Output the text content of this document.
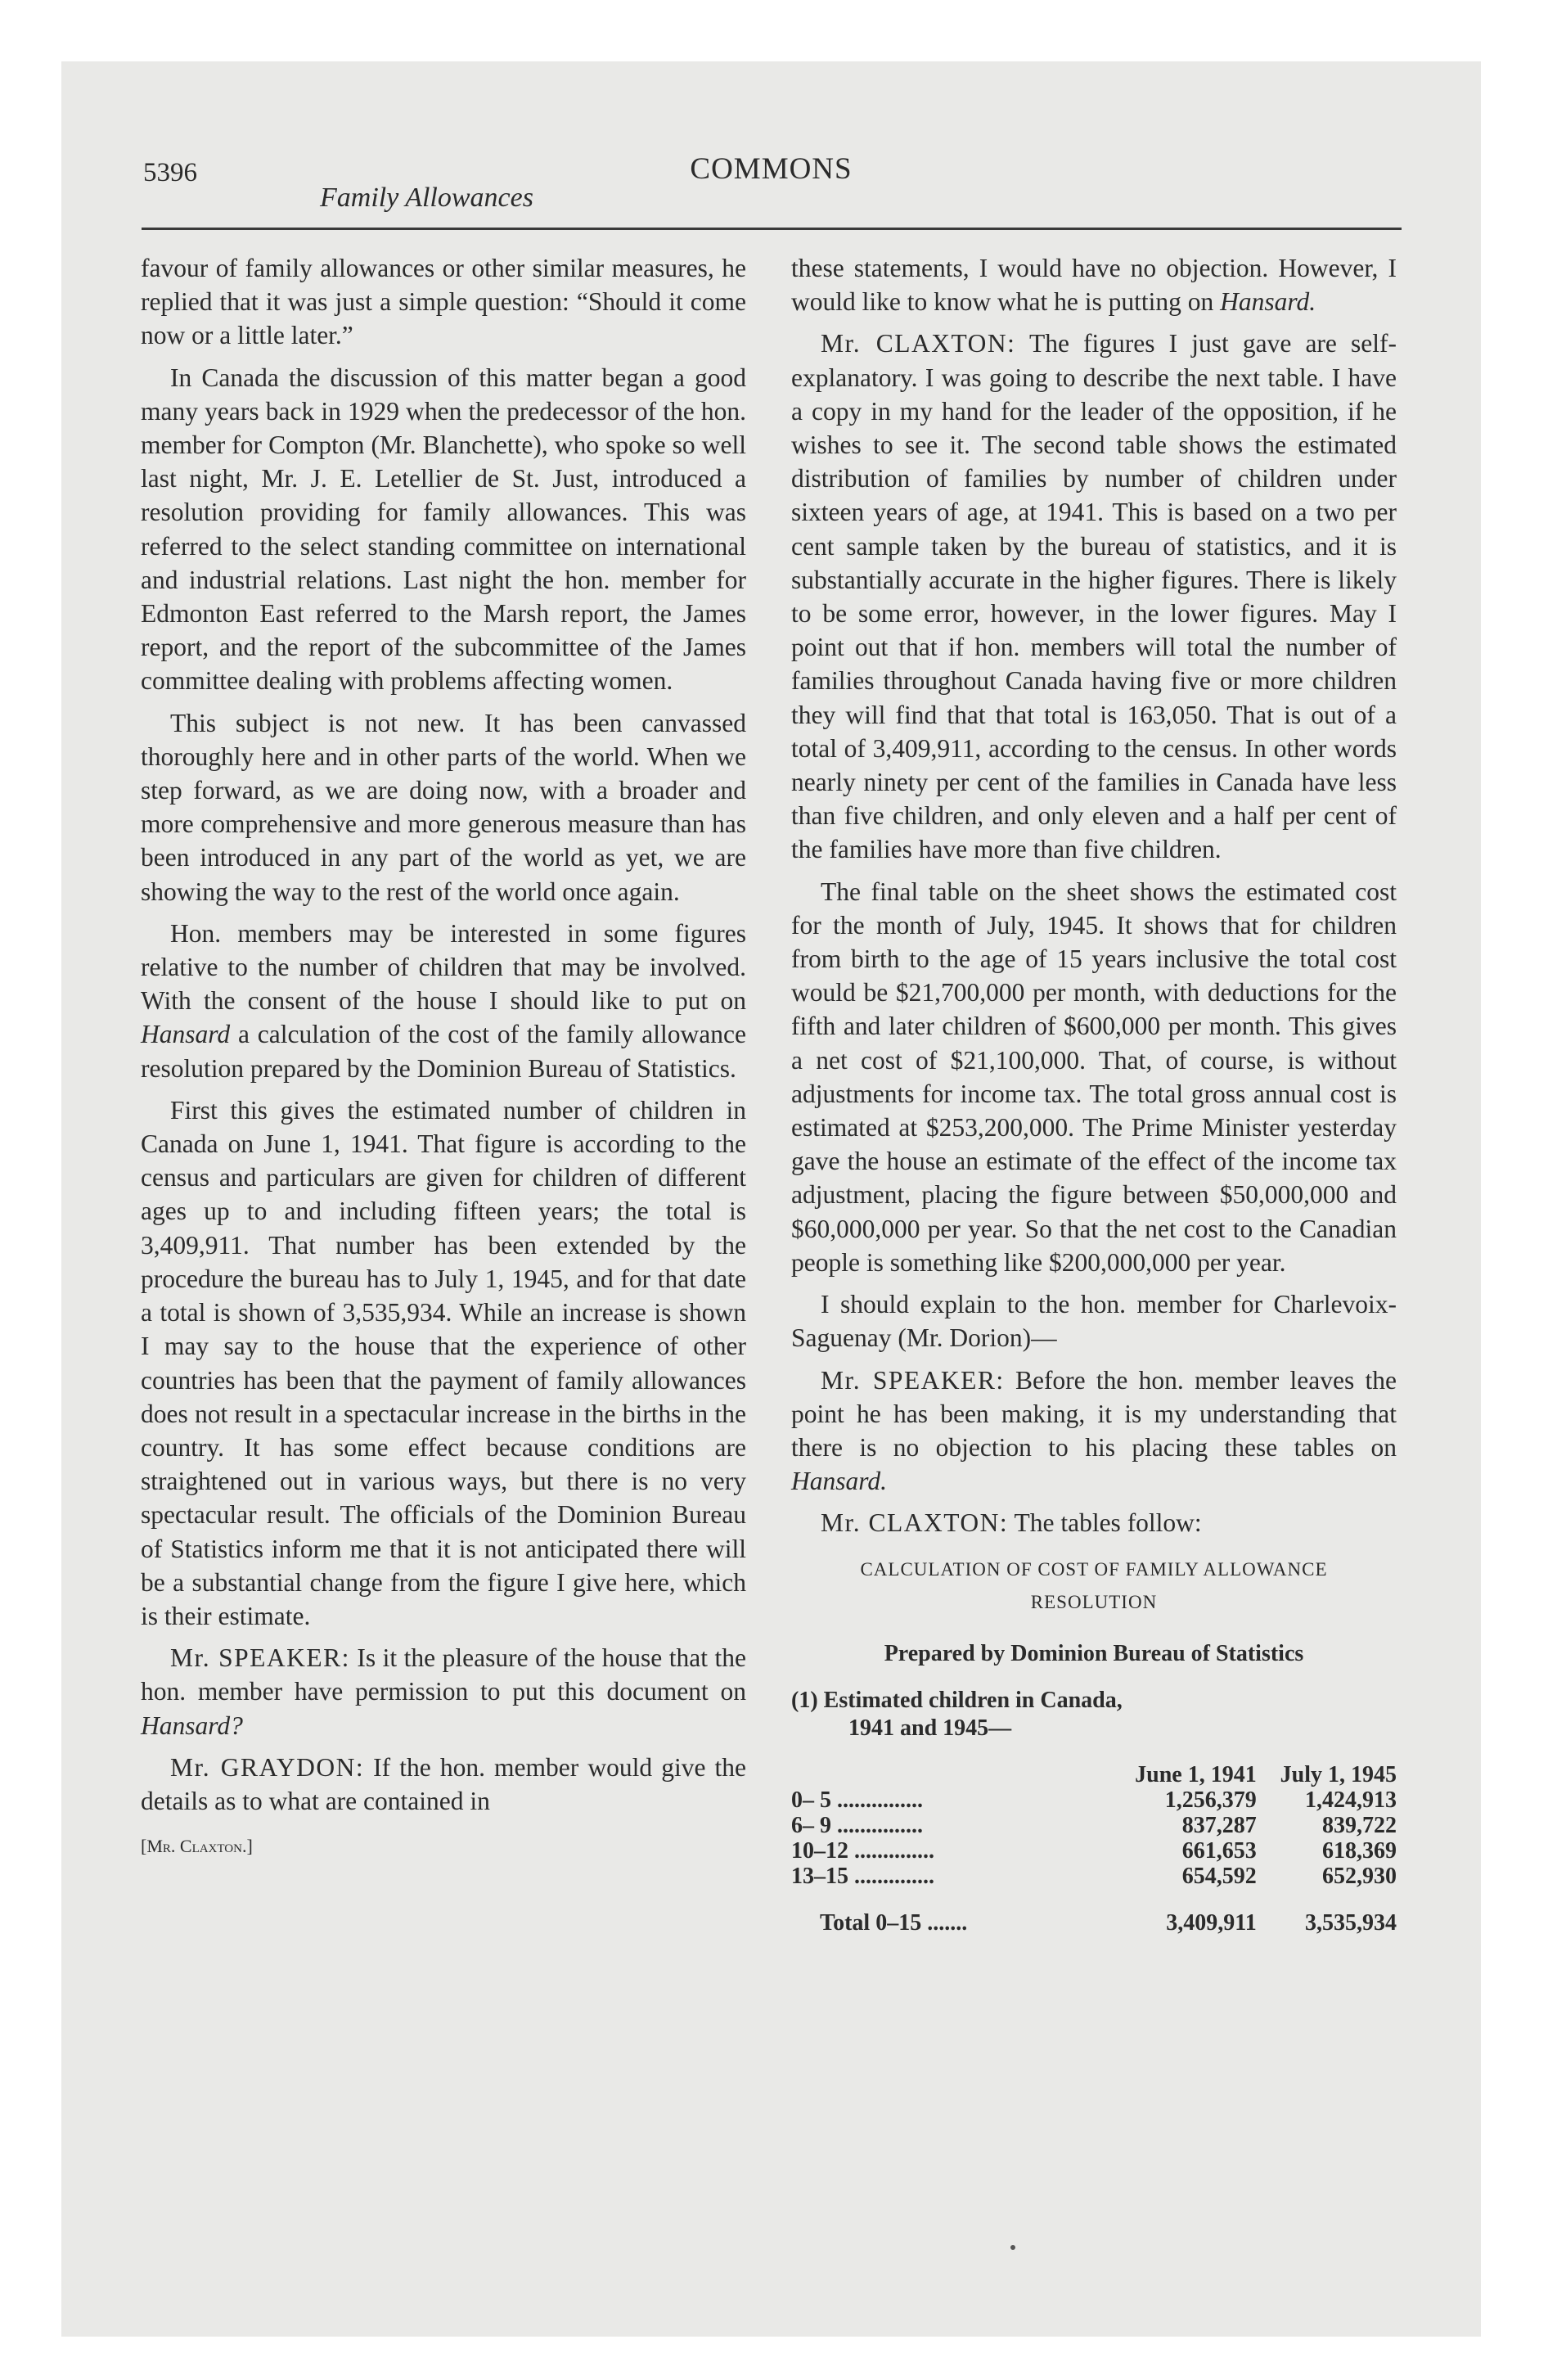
5396	COMMONS
Family Allowances

favour of family allowances or other similar measures, he replied that it was just a simple question: “Should it come now or a little later.”

In Canada the discussion of this matter began a good many years back in 1929 when the predecessor of the hon. member for Compton (Mr. Blanchette), who spoke so well last night, Mr. J. E. Letellier de St. Just, introduced a resolution providing for family allowances. This was referred to the select standing committee on international and industrial relations. Last night the hon. member for Edmonton East referred to the Marsh report, the James report, and the report of the subcommittee of the James committee dealing with problems affecting women.

This subject is not new. It has been canvassed thoroughly here and in other parts of the world. When we step forward, as we are doing now, with a broader and more comprehensive and more generous measure than has been introduced in any part of the world as yet, we are showing the way to the rest of the world once again.

Hon. members may be interested in some figures relative to the number of children that may be involved. With the consent of the house I should like to put on Hansard a calculation of the cost of the family allowance resolution prepared by the Dominion Bureau of Statistics.

First this gives the estimated number of children in Canada on June 1, 1941. That figure is according to the census and particulars are given for children of different ages up to and including fifteen years; the total is 3,409,911. That number has been extended by the procedure the bureau has to July 1, 1945, and for that date a total is shown of 3,535,934. While an increase is shown I may say to the house that the experience of other countries has been that the payment of family allowances does not result in a spectacular increase in the births in the country. It has some effect because conditions are straightened out in various ways, but there is no very spectacular result. The officials of the Dominion Bureau of Statistics inform me that it is not anticipated there will be a substantial change from the figure I give here, which is their estimate.

Mr. SPEAKER: Is it the pleasure of the house that the hon. member have permission to put this document on Hansard?

Mr. GRAYDON: If the hon. member would give the details as to what are contained in

[Mr. Claxton.]

these statements, I would have no objection. However, I would like to know what he is putting on Hansard.

Mr. CLAXTON: The figures I just gave are self-explanatory. I was going to describe the next table. I have a copy in my hand for the leader of the opposition, if he wishes to see it. The second table shows the estimated distribution of families by number of children under sixteen years of age, at 1941. This is based on a two per cent sample taken by the bureau of statistics, and it is substantially accurate in the higher figures. There is likely to be some error, however, in the lower figures. May I point out that if hon. members will total the number of families throughout Canada having five or more children they will find that that total is 163,050. That is out of a total of 3,409,911, according to the census. In other words nearly ninety per cent of the families in Canada have less than five children, and only eleven and a half per cent of the families have more than five children.

The final table on the sheet shows the estimated cost for the month of July, 1945. It shows that for children from birth to the age of 15 years inclusive the total cost would be $21,700,000 per month, with deductions for the fifth and later children of $600,000 per month. This gives a net cost of $21,100,000. That, of course, is without adjustments for income tax. The total gross annual cost is estimated at $253,200,000. The Prime Minister yesterday gave the house an estimate of the effect of the income tax adjustment, placing the figure between $50,000,000 and $60,000,000 per year. So that the net cost to the Canadian people is something like $200,000,000 per year.

I should explain to the hon. member for Charlevoix-Saguenay (Mr. Dorion)—

Mr. SPEAKER: Before the hon. member leaves the point he has been making, it is my understanding that there is no objection to his placing these tables on Hansard.

Mr. CLAXTON: The tables follow:

CALCULATION OF COST OF FAMILY ALLOWANCE
RESOLUTION
Prepared by Dominion Bureau of Statistics
(1) Estimated children in Canada,
1941 and 1945—
	June 1, 1941	July 1, 1945
0– 5 ...............	1,256,379	1,424,913
6– 9 ...............	837,287	839,722
10–12 ..............	661,653	618,369
13–15 ..............	654,592	652,930
Total 0–15 .......	3,409,911	3,535,934
